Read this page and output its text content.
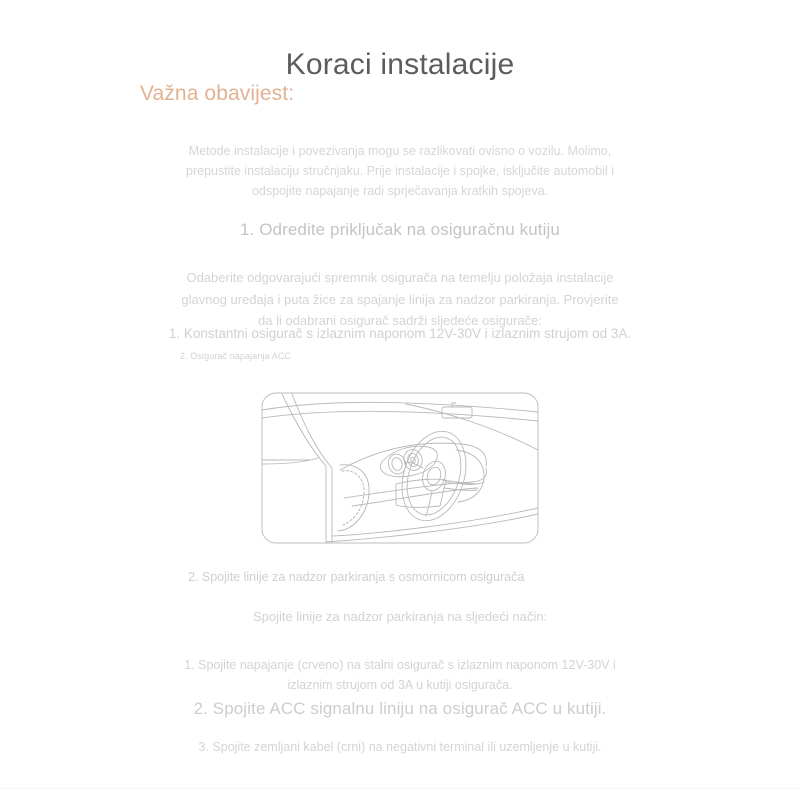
Koraci instalacije
Važna obavijest:

Metode instalacije i povezivanja mogu se razlikovati ovisno o vozilu. Molimo, prepustite instalaciju stručnjaku. Prije instalacije i spojke, isključite automobil i odspojite napajanje radi sprječavanja kratkih spojeva.

1. Odredite priključak na osiguračnu kutiju

Odaberite odgovarajući spremnik osigurača na temelju položaja instalacije glavnog uređaja i puta žice za spajanje linija za nadzor parkiranja. Provjerite da li odabrani osigurač sadrži sljedeće osigurače:

1. Konstantni osigurač s izlaznim naponom 12V-30V i izlaznim strujom od 3A.
2. Osigurač napajanja ACC
2. Spojite linije za nadzor parkiranja s osmornicom osigurača
Spojite linije za nadzor parkiranja na sljedeći način:

1. Spojite napajanje (crveno) na stalni osigurač s izlaznim naponom 12V-30V i izlaznim strujom od 3A u kutiji osigurača.

2. Spojite ACC signalnu liniju na osigurač ACC u kutiji.
3. Spojite zemljani kabel (crni) na negativni terminal ili uzemljenje u kutiji.
